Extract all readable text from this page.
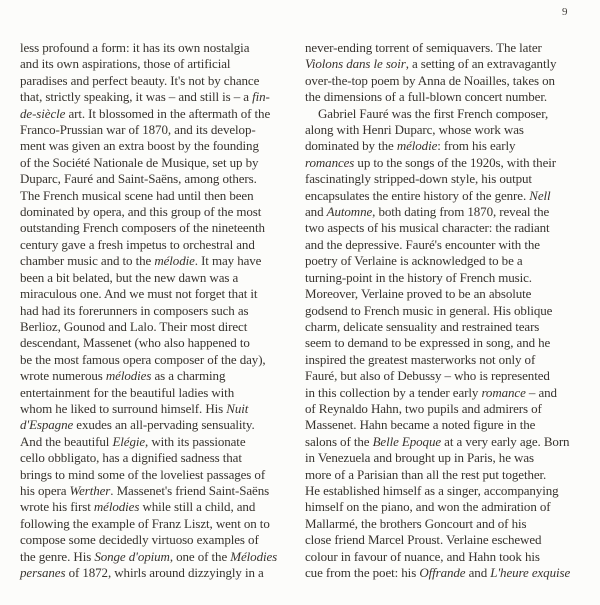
9
less profound a form: it has its own nostalgia
and its own aspirations, those of artificial
paradises and perfect beauty. It's not by chance
that, strictly speaking, it was – and still is – a fin-
de-siècle art. It blossomed in the aftermath of the
Franco-Prussian war of 1870, and its develop-
ment was given an extra boost by the founding
of the Société Nationale de Musique, set up by
Duparc, Fauré and Saint-Saëns, among others.
The French musical scene had until then been
dominated by opera, and this group of the most
outstanding French composers of the nineteenth
century gave a fresh impetus to orchestral and
chamber music and to the mélodie. It may have
been a bit belated, but the new dawn was a
miraculous one. And we must not forget that it
had had its forerunners in composers such as
Berlioz, Gounod and Lalo. Their most direct
descendant, Massenet (who also happened to
be the most famous opera composer of the day),
wrote numerous mélodies as a charming
entertainment for the beautiful ladies with
whom he liked to surround himself. His Nuit
d'Espagne exudes an all-pervading sensuality.
And the beautiful Elégie, with its passionate
cello obbligato, has a dignified sadness that
brings to mind some of the loveliest passages of
his opera Werther. Massenet's friend Saint-Saëns
wrote his first mélodies while still a child, and
following the example of Franz Liszt, went on to
compose some decidedly virtuoso examples of
the genre. His Songe d'opium, one of the Mélodies
persanes of 1872, whirls around dizzyingly in a
never-ending torrent of semiquavers. The later
Violons dans le soir, a setting of an extravagantly
over-the-top poem by Anna de Noailles, takes on
the dimensions of a full-blown concert number.
Gabriel Fauré was the first French composer,
along with Henri Duparc, whose work was
dominated by the mélodie: from his early
romances up to the songs of the 1920s, with their
fascinatingly stripped-down style, his output
encapsulates the entire history of the genre. Nell
and Automne, both dating from 1870, reveal the
two aspects of his musical character: the radiant
and the depressive. Fauré's encounter with the
poetry of Verlaine is acknowledged to be a
turning-point in the history of French music.
Moreover, Verlaine proved to be an absolute
godsend to French music in general. His oblique
charm, delicate sensuality and restrained tears
seem to demand to be expressed in song, and he
inspired the greatest masterworks not only of
Fauré, but also of Debussy – who is represented
in this collection by a tender early romance – and
of Reynaldo Hahn, two pupils and admirers of
Massenet. Hahn became a noted figure in the
salons of the Belle Epoque at a very early age. Born
in Venezuela and brought up in Paris, he was
more of a Parisian than all the rest put together.
He established himself as a singer, accompanying
himself on the piano, and won the admiration of
Mallarmé, the brothers Goncourt and of his
close friend Marcel Proust. Verlaine eschewed
colour in favour of nuance, and Hahn took his
cue from the poet: his Offrande and L'heure exquise
